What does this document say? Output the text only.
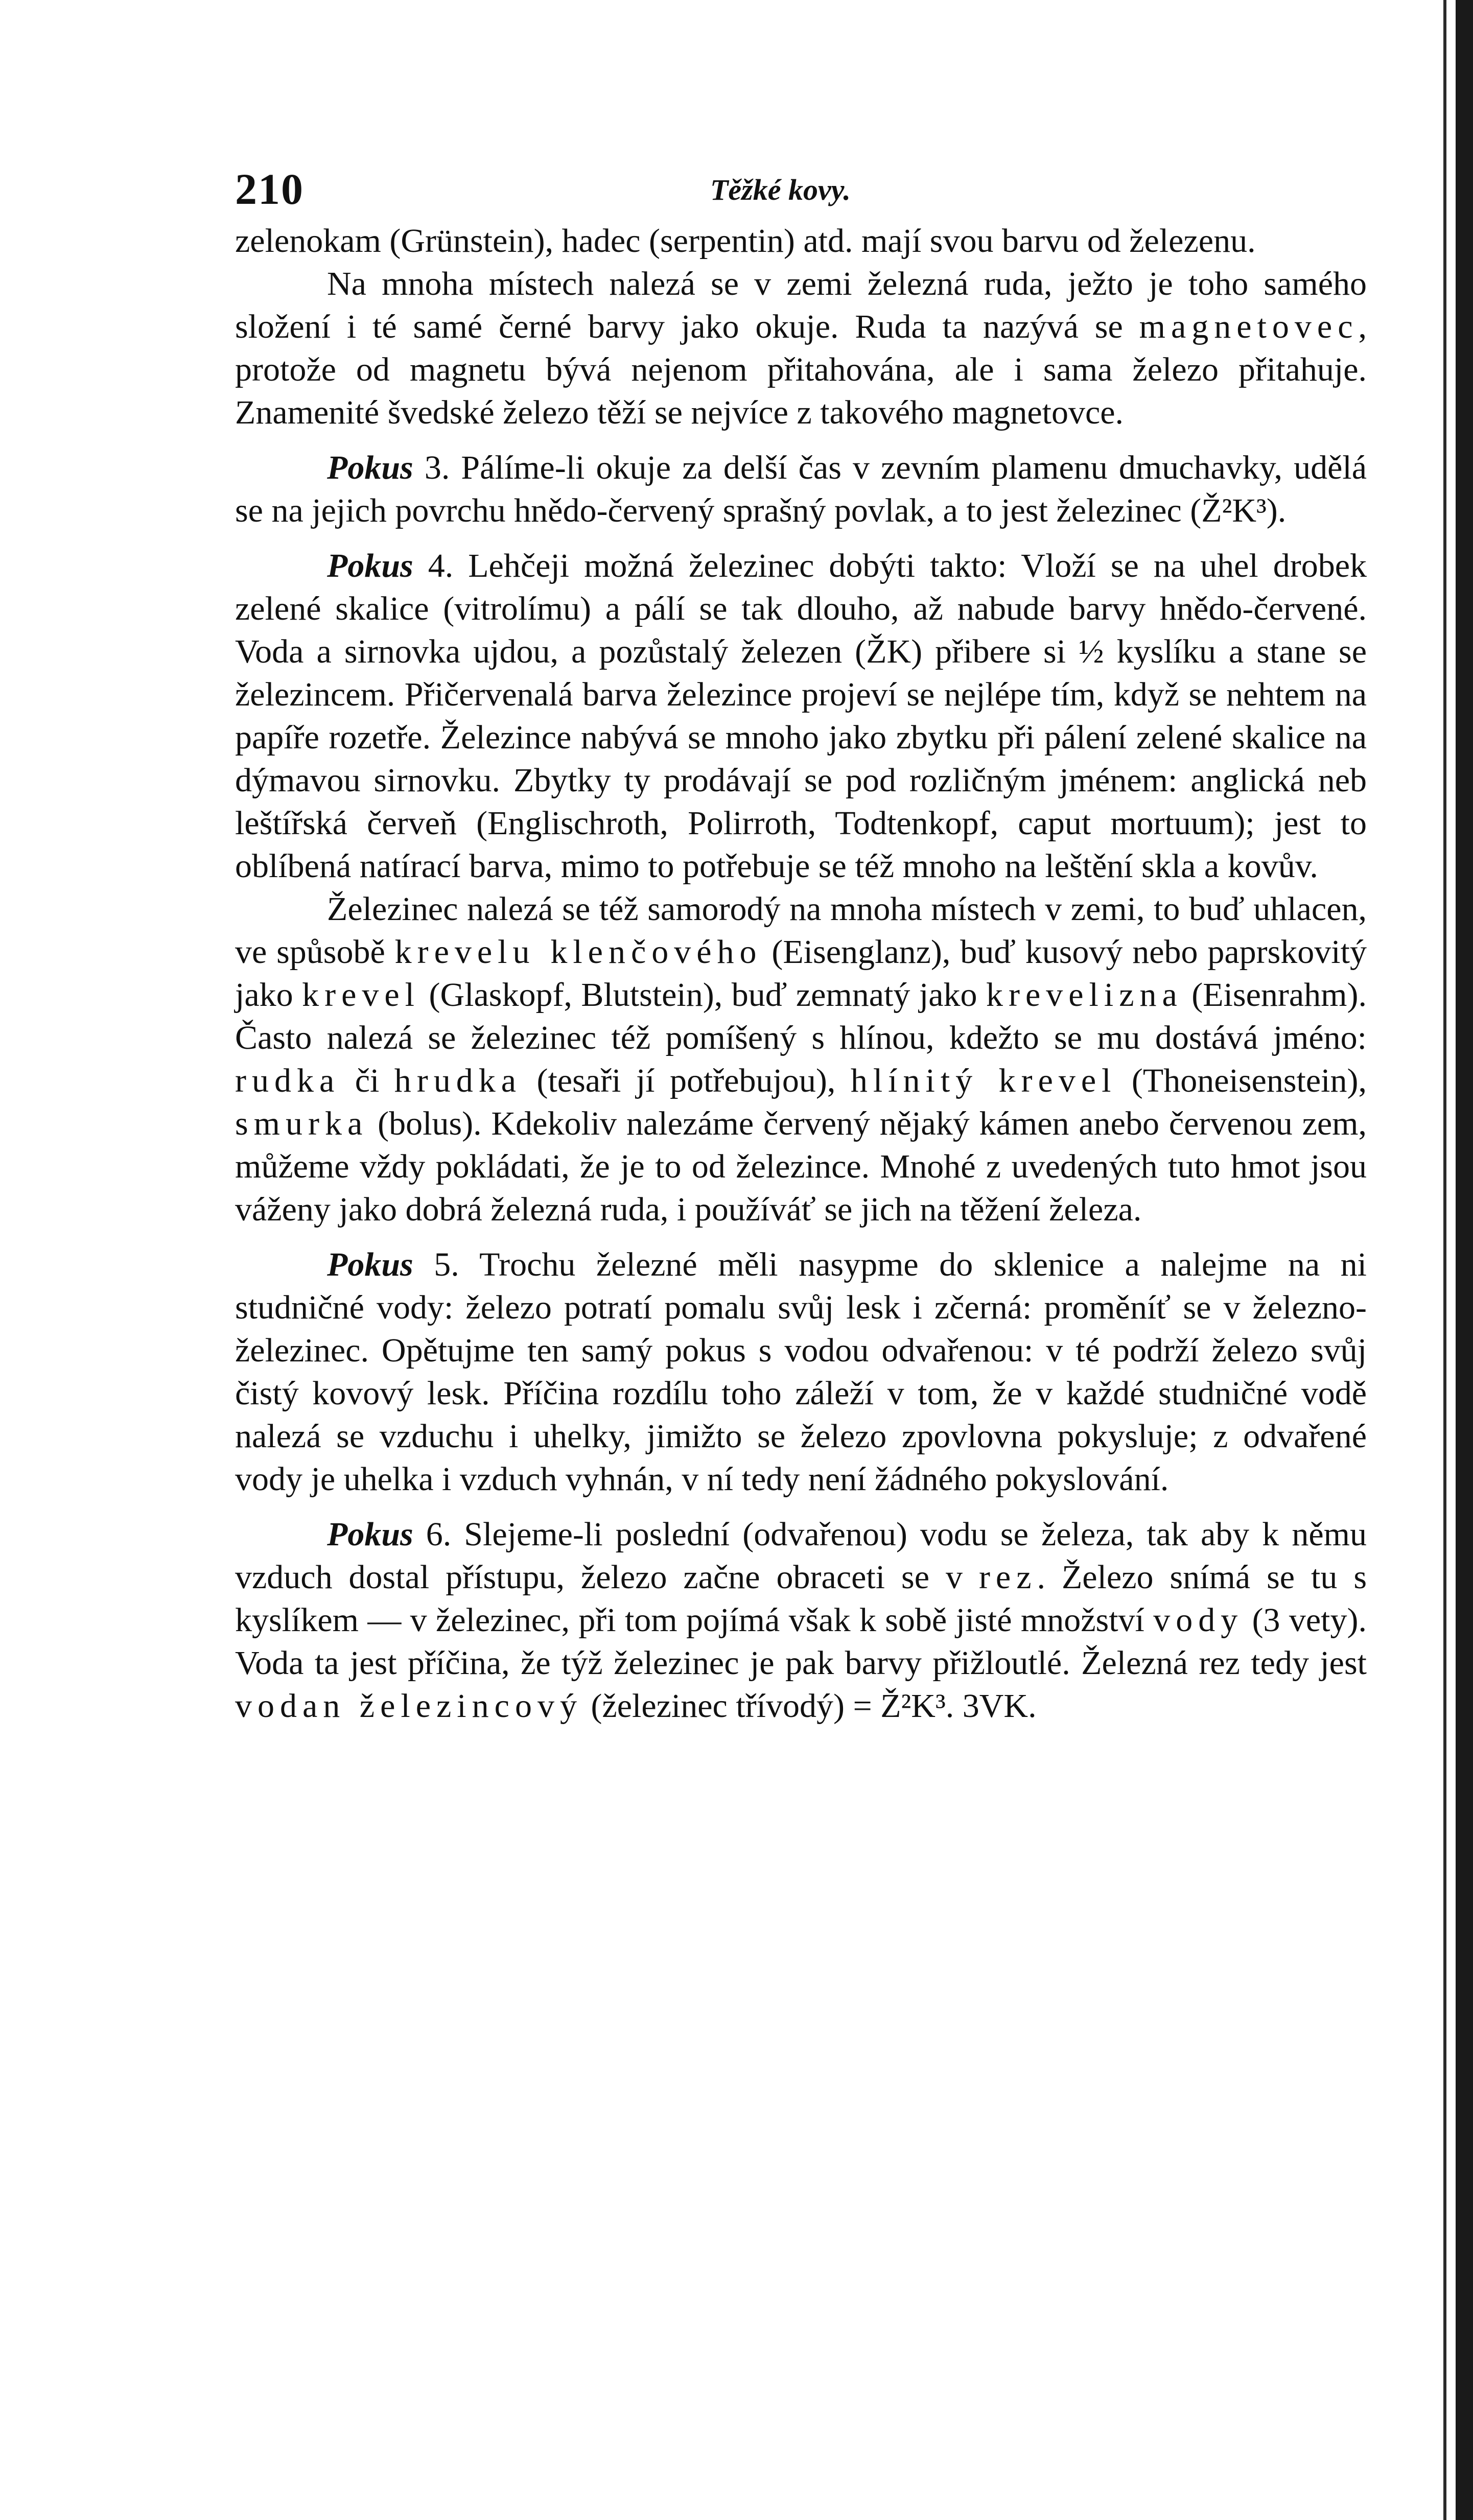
210	Těžké kovy.

zelenokam (Grünstein), hadec (serpentin) atd. mají svou barvu od železenu.

Na mnoha místech nalezá se v zemi železná ruda, ježto je toho samého složení i té samé černé barvy jako okuje. Ruda ta nazývá se magnetovec, protože od magnetu bývá nejenom přitahována, ale i sama železo přitahuje. Znamenité švedské železo těží se nejvíce z takového magnetovce.

Pokus 3. Pálíme-li okuje za delší čas v zevním plamenu dmuchavky, udělá se na jejich povrchu hnědo-červený sprašný povlak, a to jest železinec (Ž²K³).

Pokus 4. Lehčeji možná železinec dobýti takto: Vloží se na uhel drobek zelené skalice (vitrolímu) a pálí se tak dlouho, až nabude barvy hnědo-červené. Voda a sirnovka ujdou, a pozůstalý železen (ŽK) přibere si ½ kyslíku a stane se železincem. Přičervenalá barva železince projeví se nejlépe tím, když se nehtem na papíře rozetře. Železince nabývá se mnoho jako zbytku při pálení zelené skalice na dýmavou sirnovku. Zbytky ty prodávají se pod rozličným jménem: anglická neb leštířská červeň (Englischroth, Polirroth, Todtenkopf, caput mortuum); jest to oblíbená natírací barva, mimo to potřebuje se též mnoho na leštění skla a kovův.

Železinec nalezá se též samorodý na mnoha místech v zemi, to buď uhlacen, ve spůsobě krevelu klenčového (Eisenglanz), buď kusový nebo paprskovitý jako krevel (Glaskopf, Blutstein), buď zemnatý jako krevelizna (Eisenrahm). Často nalezá se železinec též pomíšený s hlínou, kdežto se mu dostává jméno: rudka či hrudka (tesaři jí potřebujou), hlínitý krevel (Thoneisenstein), smurka (bolus). Kdekoliv nalezáme červený nějaký kámen anebo červenou zem, můžeme vždy pokládati, že je to od železince. Mnohé z uvedených tuto hmot jsou váženy jako dobrá železná ruda, i používáť se jich na těžení železa.

Pokus 5. Trochu železné měli nasypme do sklenice a nalejme na ni studničné vody: železo potratí pomalu svůj lesk i zčerná: proměníť se v železno-železinec. Opětujme ten samý pokus s vodou odvařenou: v té podrží železo svůj čistý kovový lesk. Příčina rozdílu toho záleží v tom, že v každé studničné vodě nalezá se vzduchu i uhelky, jimižto se železo zpovlovna pokysluje; z odvařené vody je uhelka i vzduch vyhnán, v ní tedy není žádného pokyslování.

Pokus 6. Slejeme-li poslední (odvařenou) vodu se železa, tak aby k němu vzduch dostal přístupu, železo začne obraceti se v rez. Železo snímá se tu s kyslíkem — v železinec, při tom pojímá však k sobě jisté množství vody (3 vety). Voda ta jest příčina, že týž železinec je pak barvy přižloutlé. Železná rez tedy jest vodan železincový (železinec třívodý) = Ž²K³. 3VK.
